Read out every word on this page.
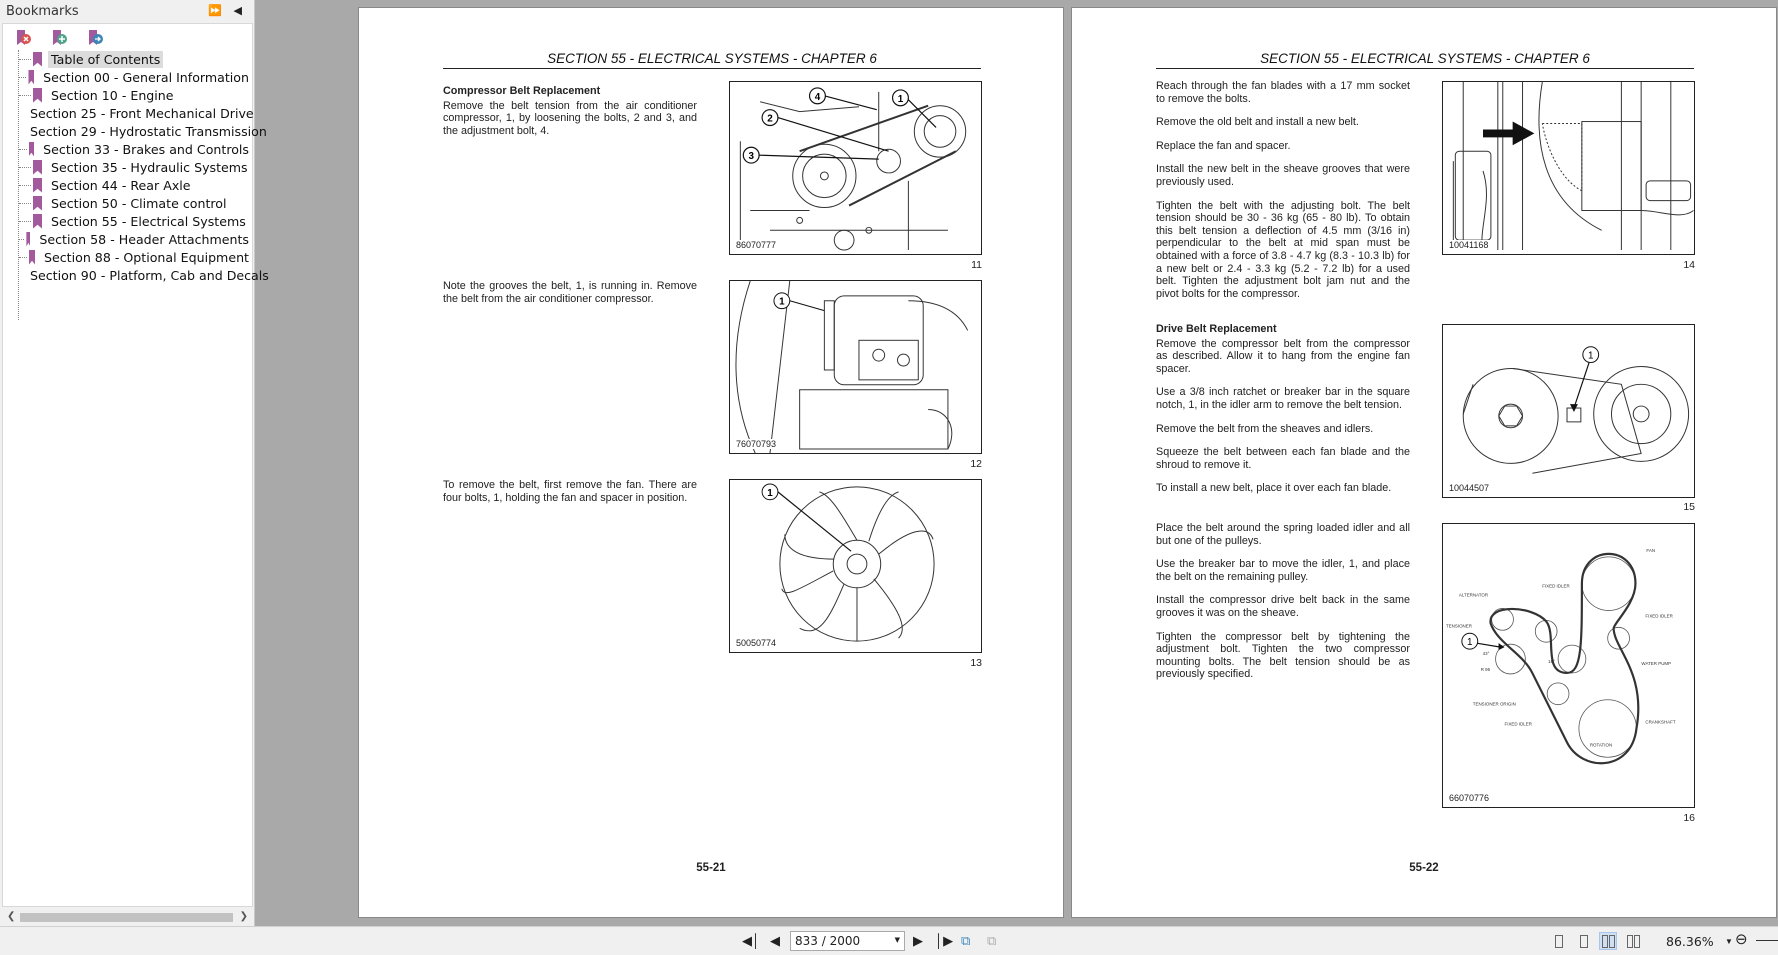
Bookmarks	⏩ ◀
Table of Contents
Section 00 - General Information
Section 10 - Engine
Section 25 - Front Mechanical Drive
Section 29 - Hydrostatic Transmission
Section 33 - Brakes and Controls
Section 35 - Hydraulic Systems
Section 44 - Rear Axle
Section 50 - Climate control
Section 55 - Electrical Systems
Section 58 - Header Attachments
Section 88 - Optional Equipment
Section 90 - Platform, Cab and Decals
❮	❯
SECTION 55 - ELECTRICAL SYSTEMS - CHAPTER 6
Compressor Belt Replacement

Remove the belt tension from the air conditioner compressor, 1, by loosening the bolts, 2 and 3, and the adjustment bolt, 4.

Note the grooves the belt, 1, is running in. Remove the belt from the air conditioner compressor.

To remove the belt, first remove the fan. There are four bolts, 1, holding the fan and spacer in position.

4
2
3
1
86070777
11
1
76070793
12
1
50050774
13
55-21
SECTION 55 - ELECTRICAL SYSTEMS - CHAPTER 6

Reach through the fan blades with a 17 mm socket to remove the bolts.

Remove the old belt and install a new belt.

Replace the fan and spacer.

Install the new belt in the sheave grooves that were previously used.

Tighten the belt with the adjusting bolt. The belt tension should be 30 - 36 kg (65 - 80 lb). To obtain this belt tension a deflection of 4.5 mm (3/16 in) perpendicular to the belt at mid span must be obtained with a force of 3.8 - 4.7 kg (8.3 - 10.3 lb) for a new belt or 2.4 - 3.3 kg (5.2 - 7.2 lb) for a used belt. Tighten the adjustment bolt jam nut and the pivot bolts for the compressor.

Drive Belt Replacement

Remove the compressor belt from the compressor as described. Allow it to hang from the engine fan spacer.

Use a 3/8 inch ratchet or breaker bar in the square notch, 1, in the idler arm to remove the belt tension.

Remove the belt from the sheaves and idlers.

Squeeze the belt between each fan blade and the shroud to remove it.

To install a new belt, place it over each fan blade.

Place the belt around the spring loaded idler and all but one of the pulleys.

Use the breaker bar to move the idler, 1, and place the belt on the remaining pulley.

Install the compressor drive belt back in the same grooves it was on the sheave.

Tighten the compressor belt by tightening the adjustment bolt. Tighten the two compressor mounting bolts. The belt tension should be as previously specified.

10041168
14
1
10044507
15
FAN
FIXED IDLER
FIXED IDLER
ALTERNATOR
TENSIONER
WATER PUMP
TENSIONER ORIGIN
FIXED IDLER	CRANKSHAFT
ROTATION
43°
16°
R 95
1
66070776
16
55-22
◀│ ◀	833 / 2000	▼ ▶ │▶ ⧉ ⧉	86.36% ▼ ⊖
